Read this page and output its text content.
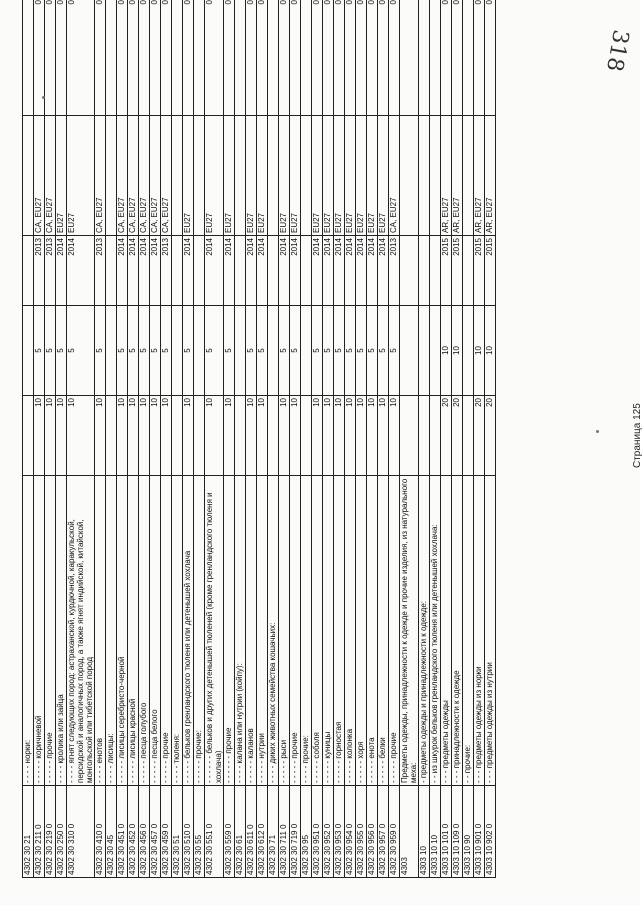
4302 30 21	- - - - норки:					
4302 30 211 0	- - - - - коричневой	10	5	2013	CA, EU27	0
4302 30 219 0	- - - - - прочие	10	5	2013	CA, EU27	0
4302 30 250 0	- - - - кролика или зайца	10	5	2014	EU27	0
4302 30 310 0	- - - - ягнят следующих пород: астраханской, курдючной, каракульской, персидской и аналогичных пород, а также ягнят индийской, китайской, монгольской или тибетской пород	10	5	2014	EU27	0
4302 30 410 0	- - - - енотов	10	5	2013	CA, EU27	0
4302 30 45	- - - - лисицы:					
4302 30 451 0	- - - - - лисицы серебристо-черной	10	5	2014	CA, EU27	0
4302 30 452 0	- - - - - лисицы красной	10	5	2014	CA, EU27	0
4302 30 456 0	- - - - - песца голубого	10	5	2014	CA, EU27	0
4302 30 457 0	- - - - - песца белого	10	5	2014	CA, EU27	0
4302 30 459 0	- - - - - прочие	10	5	2013	CA, EU27	0
4302 30 51	- - - - тюленя:					
4302 30 510 0	- - - - - бельков гренландского тюленя или детенышей хохлача	10	5	2014	EU27	0
4302 30 55	- - - - - прочие:					
4302 30 551 0	- - - - - - бельков и других детенышей тюленей (кроме гренландского тюленя и хохлача)	10	5	2014	EU27	0
4302 30 559 0	- - - - - - прочие	10	5	2014	EU27	0
4302 30 61	- - - - калана или нутрии (койпу):					
4302 30 611 0	- - - - - каланов	10	5	2014	EU27	0
4302 30 612 0	- - - - - нутрии	10	5	2014	EU27	0
4302 30 71	- - - - диких животных семейства кошачьих:					
4302 30 711 0	- - - - - рыси	10	5	2014	EU27	0
4302 30 719 0	- - - - - прочие	10	5	2014	EU27	0
4302 30 95	- - - - прочие:					
4302 30 951 0	- - - - - соболя	10	5	2014	EU27	0
4302 30 952 0	- - - - - куницы	10	5	2014	EU27	0
4302 30 953 0	- - - - - горностая	10	5	2014	EU27	0
4302 30 954 0	- - - - - колонка	10	5	2014	EU27	0
4302 30 955 0	- - - - - хоря	10	5	2014	EU27	0
4302 30 956 0	- - - - - енота	10	5	2014	EU27	0
4302 30 957 0	- - - - - белки	10	5	2014	EU27	0
4302 30 959 0	- - - - - прочие	10	5	2013	CA, EU27	0
4303	Предметы одежды, принадлежности к одежде и прочие изделия, из натурального меха:					
4303 10	- предметы одежды и принадлежности к одежде:					
4303 10 10	- - из шкурок бельков гренландского тюленя или детенышей хохлача:					
4303 10 101 0	- - - предметы одежды	20	10	2015	AR, EU27	0
4303 10 109 0	- - - принадлежности к одежде	20	10	2015	AR, EU27	0
4303 10 90	- - прочие:					
4303 10 901 0	- - - предметы одежды из норки	20	10	2015	AR, EU27	0
4303 10 902 0	- - - предметы одежды из нутрии	20	10	2015	AR, EU27	0
Страница 125
318
